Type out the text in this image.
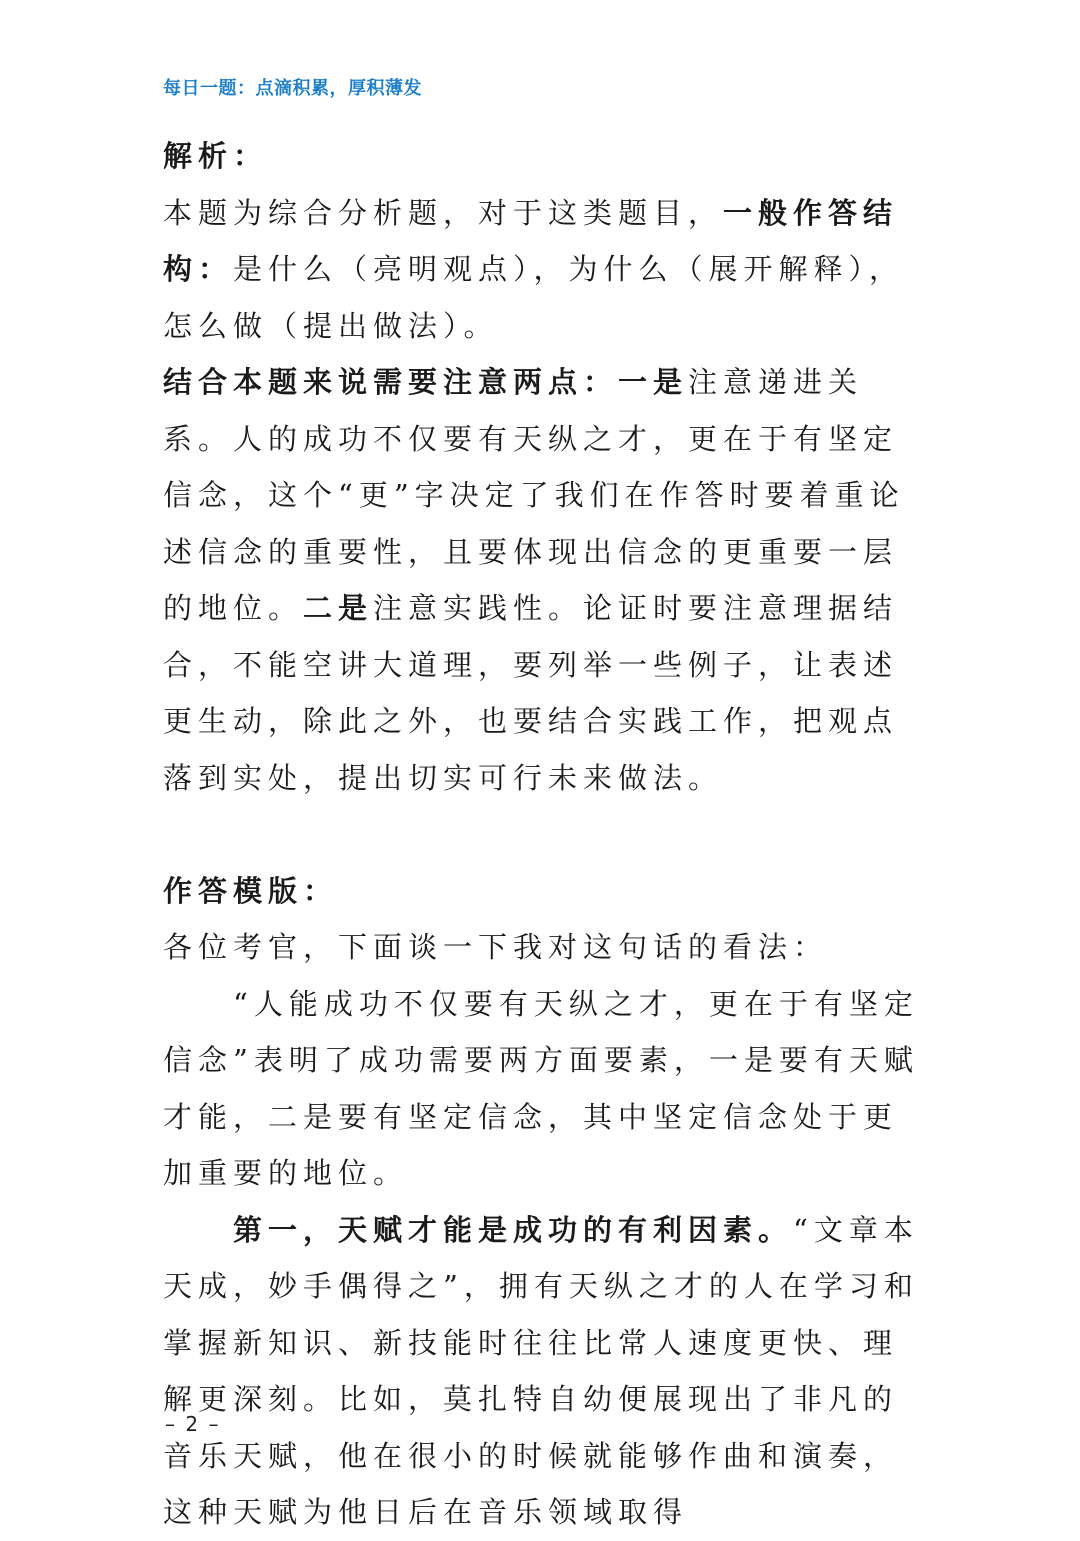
每日一题：点滴积累，厚积薄发

解析：

本题为综合分析题，对于这类题目，一般作答结构：是什么（亮明观点），为什么（展开解释），怎么做（提出做法）。

结合本题来说需要注意两点：一是注意递进关系。人的成功不仅要有天纵之才，更在于有坚定信念，这个“更”字决定了我们在作答时要着重论述信念的重要性，且要体现出信念的更重要一层的地位。二是注意实践性。论证时要注意理据结合，不能空讲大道理，要列举一些例子，让表述更生动，除此之外，也要结合实践工作，把观点落到实处，提出切实可行未来做法。

作答模版：

各位考官，下面谈一下我对这句话的看法：

“人能成功不仅要有天纵之才，更在于有坚定信念”表明了成功需要两方面要素，一是要有天赋才能，二是要有坚定信念，其中坚定信念处于更加重要的地位。

第一，天赋才能是成功的有利因素。“文章本天成，妙手偶得之”，拥有天纵之才的人在学习和掌握新知识、新技能时往往比常人速度更快、理解更深刻。比如，莫扎特自幼便展现出了非凡的音乐天赋，他在很小的时候就能够作曲和演奏，这种天赋为他日后在音乐领域取得

– 2 –
